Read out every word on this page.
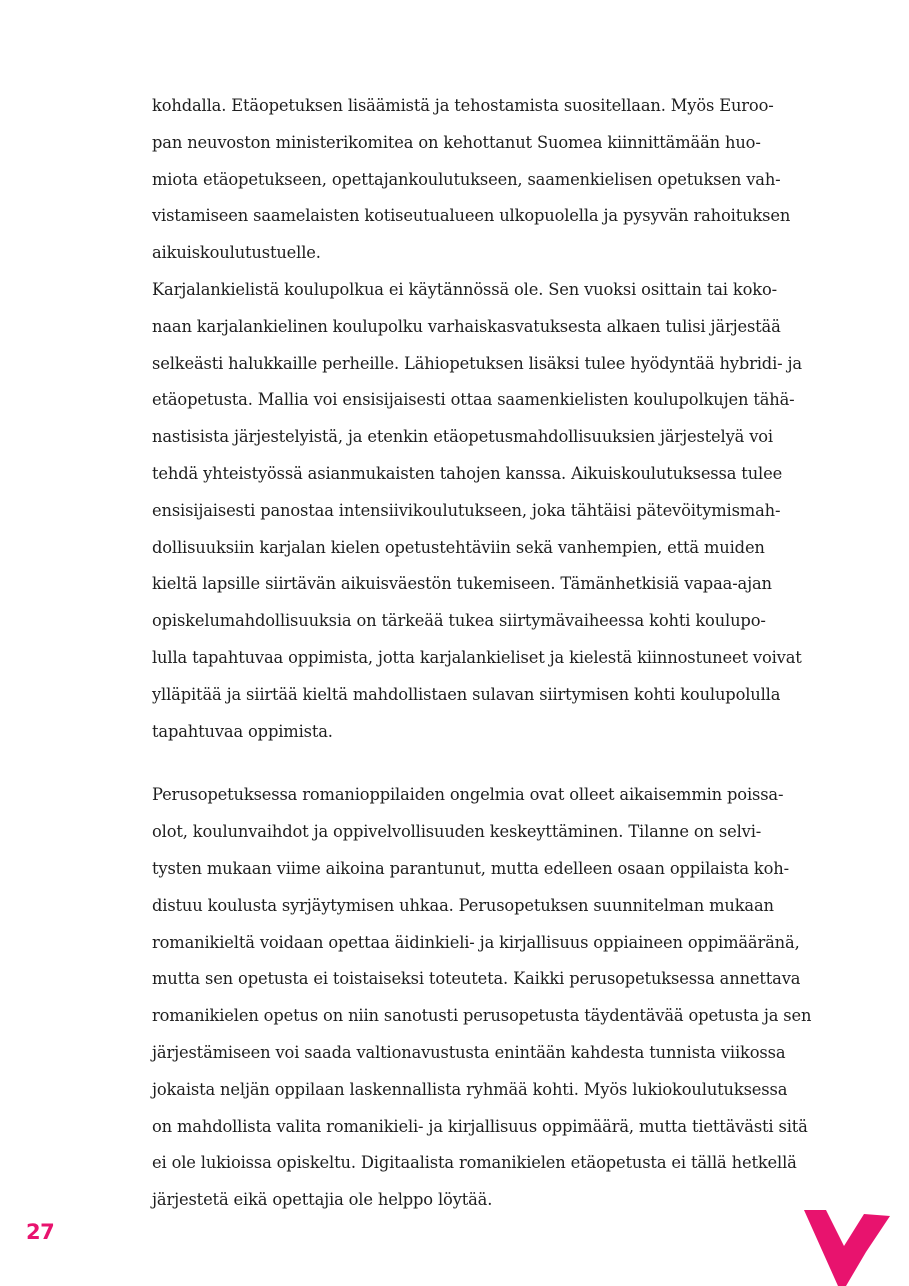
kohdalla. Etäopetuksen lisäämistä ja tehostamista suositellaan. Myös Euroo-
pan neuvoston ministerikomitea on kehottanut Suomea kiinnittämään huo-
miota etäopetukseen, opettajankoulutukseen, saamenkielisen opetuksen vah-
vistamiseen saamelaisten kotiseutualueen ulkopuolella ja pysyvän rahoituksen
aikuiskoulutustuelle.
Karjalankielistä koulupolkua ei käytännössä ole. Sen vuoksi osittain tai koko-
naan karjalankielinen koulupolku varhaiskasvatuksesta alkaen tulisi järjestää
selkeästi halukkaille perheille. Lähiopetuksen lisäksi tulee hyödyntää hybridi- ja
etäopetusta. Mallia voi ensisijaisesti ottaa saamenkielisten koulupolkujen tähä-
nastisista järjestelyistä, ja etenkin etäopetusmahdollisuuksien järjestelyä voi
tehdä yhteistyössä asianmukaisten tahojen kanssa. Aikuiskoulutuksessa tulee
ensisijaisesti panostaa intensiivikoulutukseen, joka tähtäisi pätevöitymismah-
dollisuuksiin karjalan kielen opetustehtäviin sekä vanhempien, että muiden
kieltä lapsille siirtävän aikuisväestön tukemiseen. Tämänhetkisiä vapaa-ajan
opiskelumahdollisuuksia on tärkeää tukea siirtymävaiheessa kohti koulupo-
lulla tapahtuvaa oppimista, jotta karjalankieliset ja kielestä kiinnostuneet voivat
ylläpitää ja siirtää kieltä mahdollistaen sulavan siirtymisen kohti koulupolulla
tapahtuvaa oppimista.
Perusopetuksessa romanioppilaiden ongelmia ovat olleet aikaisemmin poissa-
olot, koulunvaihdot ja oppivelvollisuuden keskeyttäminen. Tilanne on selvi-
tysten mukaan viime aikoina parantunut, mutta edelleen osaan oppilaista koh-
distuu koulusta syrjäytymisen uhkaa. Perusopetuksen suunnitelman mukaan
romanikieltä voidaan opettaa äidinkieli- ja kirjallisuus oppiaineen oppimääränä,
mutta sen opetusta ei toistaiseksi toteuteta. Kaikki perusopetuksessa annettava
romanikielen opetus on niin sanotusti perusopetusta täydentävää opetusta ja sen
järjestämiseen voi saada valtionavustusta enintään kahdesta tunnista viikossa
jokaista neljän oppilaan laskennallista ryhmää kohti. Myös lukiokoulutuksessa
on mahdollista valita romanikieli- ja kirjallisuus oppimäärä, mutta tiettävästi sitä
ei ole lukioissa opiskeltu. Digitaalista romanikielen etäopetusta ei tällä hetkellä
järjestetä eikä opettajia ole helppo löytää.
27
